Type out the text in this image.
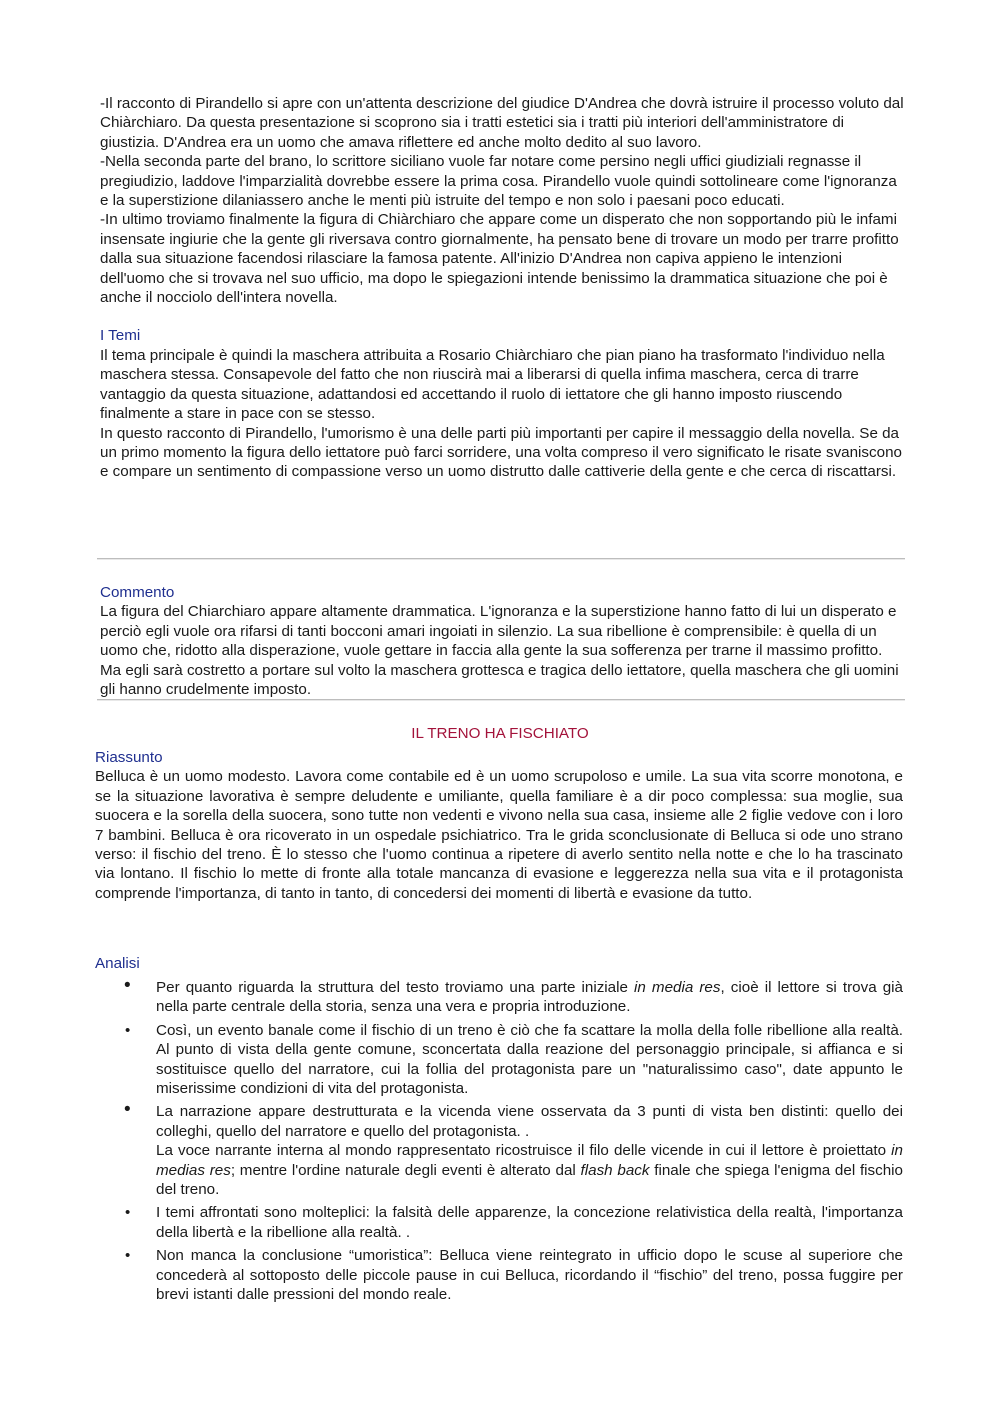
-Il racconto di Pirandello si apre con un'attenta descrizione del giudice D'Andrea che dovrà istruire il processo voluto dal Chiàrchiaro. Da questa presentazione si scoprono sia i tratti estetici sia i tratti più interiori dell'amministratore di giustizia. D'Andrea era un uomo che amava riflettere ed anche molto dedito al suo lavoro.

-Nella seconda parte del brano, lo scrittore siciliano vuole far notare come persino negli uffici giudiziali regnasse il pregiudizio, laddove l'imparzialità dovrebbe essere la prima cosa. Pirandello vuole quindi sottolineare come l'ignoranza e la superstizione dilaniassero anche le menti più istruite del tempo e non solo i paesani poco educati.

-In ultimo troviamo finalmente la figura di Chiàrchiaro che appare come un disperato che non sopportando più le infami insensate ingiurie che la gente gli riversava contro giornalmente, ha pensato bene di trovare un modo per trarre profitto dalla sua situazione facendosi rilasciare la famosa patente. All'inizio D'Andrea non capiva appieno le intenzioni dell'uomo che si trovava nel suo ufficio, ma dopo le spiegazioni intende benissimo la drammatica situazione che poi è anche il nocciolo dell'intera novella.

I Temi

Il tema principale è quindi la maschera attribuita a Rosario Chiàrchiaro che pian piano ha trasformato l'individuo nella maschera stessa. Consapevole del fatto che non riuscirà mai a liberarsi di quella infima maschera, cerca di trarre vantaggio da questa situazione, adattandosi ed accettando il ruolo di iettatore che gli hanno imposto riuscendo finalmente a stare in pace con se stesso.

In questo racconto di Pirandello, l'umorismo è una delle parti più importanti per capire il messaggio della novella. Se da un primo momento la figura dello iettatore può farci sorridere, una volta compreso il vero significato le risate svaniscono e compare un sentimento di compassione verso un uomo distrutto dalle cattiverie della gente e che cerca di riscattarsi.

Commento

La figura del Chiarchiaro appare altamente drammatica. L'ignoranza e la superstizione hanno fatto di lui un disperato e perciò egli vuole ora rifarsi di tanti bocconi amari ingoiati in silenzio. La sua ribellione è comprensibile: è quella di un uomo che, ridotto alla disperazione, vuole gettare in faccia alla gente la sua sofferenza per trarne il massimo profitto. Ma egli sarà costretto a portare sul volto la maschera grottesca e tragica dello iettatore, quella maschera che gli uomini gli hanno crudelmente imposto.

IL TRENO HA FISCHIATO

Riassunto

Belluca è un uomo modesto. Lavora come contabile ed è un uomo scrupoloso e umile. La sua vita scorre monotona, e se la situazione lavorativa è sempre deludente e umiliante, quella familiare è a dir poco complessa: sua moglie, sua suocera e la sorella della suocera, sono tutte non vedenti e vivono nella sua casa, insieme alle 2 figlie vedove con i loro 7 bambini. Belluca è ora ricoverato in un ospedale psichiatrico. Tra le grida sconclusionate di Belluca si ode uno strano verso: il fischio del treno. È lo stesso che l'uomo continua a ripetere di averlo sentito nella notte e che lo ha trascinato via lontano. Il fischio lo mette di fronte alla totale mancanza di evasione e leggerezza nella sua vita e il protagonista comprende l'importanza, di tanto in tanto, di concedersi dei momenti di libertà e evasione da tutto.

Analisi
• Per quanto riguarda la struttura del testo troviamo una parte iniziale in media res, cioè il lettore si trova già nella parte centrale della storia, senza una vera e propria introduzione.

• Così, un evento banale come il fischio di un treno è ciò che fa scattare la molla della folle ribellione alla realtà. Al punto di vista della gente comune, sconcertata dalla reazione del personaggio principale, si affianca e si sostituisce quello del narratore, cui la follia del protagonista pare un "naturalissimo caso", date appunto le miserissime condizioni di vita del protagonista.

• La narrazione appare destrutturata e la vicenda viene osservata da 3 punti di vista ben distinti: quello dei colleghi, quello del narratore e quello del protagonista. .

La voce narrante interna al mondo rappresentato ricostruisce il filo delle vicende in cui il lettore è proiettato in medias res; mentre l'ordine naturale degli eventi è alterato dal flash back finale che spiega l'enigma del fischio del treno.

• I temi affrontati sono molteplici: la falsità delle apparenze, la concezione relativistica della realtà, l'importanza della libertà e la ribellione alla realtà. .

• Non manca la conclusione “umoristica”: Belluca viene reintegrato in ufficio dopo le scuse al superiore che concederà al sottoposto delle piccole pause in cui Belluca, ricordando il “fischio” del treno, possa fuggire per brevi istanti dalle pressioni del mondo reale.
